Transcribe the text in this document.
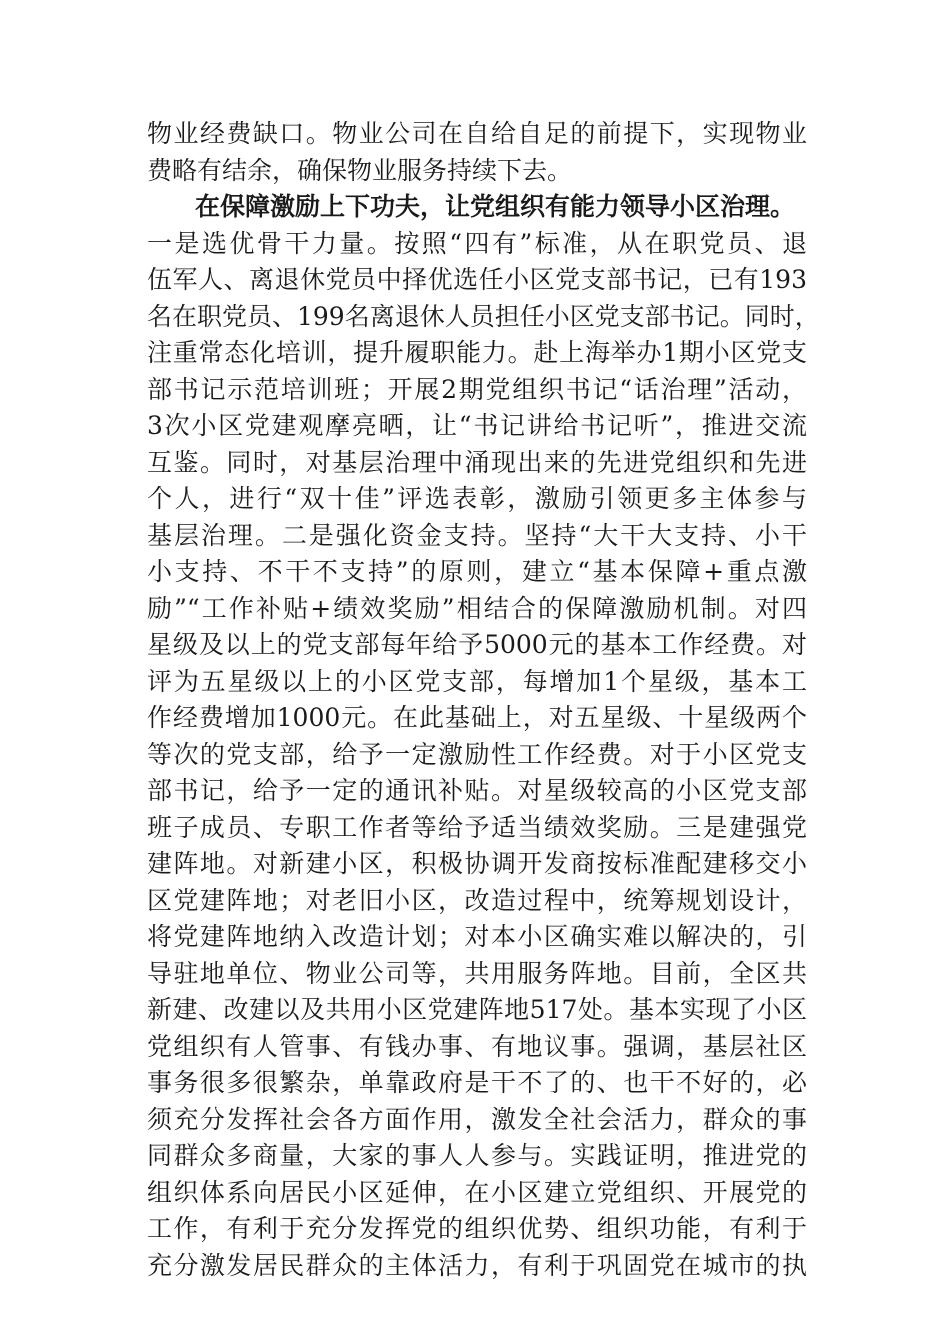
物业经费缺口。物业公司在自给自足的前提下，实现物业
费略有结余，确保物业服务持续下去。
在保障激励上下功夫，让党组织有能力领导小区治理。
一是选优骨干力量。按照“四有”标准，从在职党员、退
伍军人、离退休党员中择优选任小区党支部书记，已有193
名在职党员、199名离退休人员担任小区党支部书记。同时，
注重常态化培训，提升履职能力。赴上海举办1期小区党支
部书记示范培训班；开展2期党组织书记“话治理”活动，
3次小区党建观摩亮晒，让“书记讲给书记听”，推进交流
互鉴。同时，对基层治理中涌现出来的先进党组织和先进
个人，进行“双十佳”评选表彰，激励引领更多主体参与
基层治理。二是强化资金支持。坚持“大干大支持、小干
小支持、不干不支持”的原则，建立“基本保障+重点激
励”“工作补贴+绩效奖励”相结合的保障激励机制。对四
星级及以上的党支部每年给予5000元的基本工作经费。对
评为五星级以上的小区党支部，每增加1个星级，基本工
作经费增加1000元。在此基础上，对五星级、十星级两个
等次的党支部，给予一定激励性工作经费。对于小区党支
部书记，给予一定的通讯补贴。对星级较高的小区党支部
班子成员、专职工作者等给予适当绩效奖励。三是建强党
建阵地。对新建小区，积极协调开发商按标准配建移交小
区党建阵地；对老旧小区，改造过程中，统筹规划设计，
将党建阵地纳入改造计划；对本小区确实难以解决的，引
导驻地单位、物业公司等，共用服务阵地。目前，全区共
新建、改建以及共用小区党建阵地517处。基本实现了小区
党组织有人管事、有钱办事、有地议事。强调，基层社区
事务很多很繁杂，单靠政府是干不了的、也干不好的，必
须充分发挥社会各方面作用，激发全社会活力，群众的事
同群众多商量，大家的事人人参与。实践证明，推进党的
组织体系向居民小区延伸，在小区建立党组织、开展党的
工作，有利于充分发挥党的组织优势、组织功能，有利于
充分激发居民群众的主体活力，有利于巩固党在城市的执
